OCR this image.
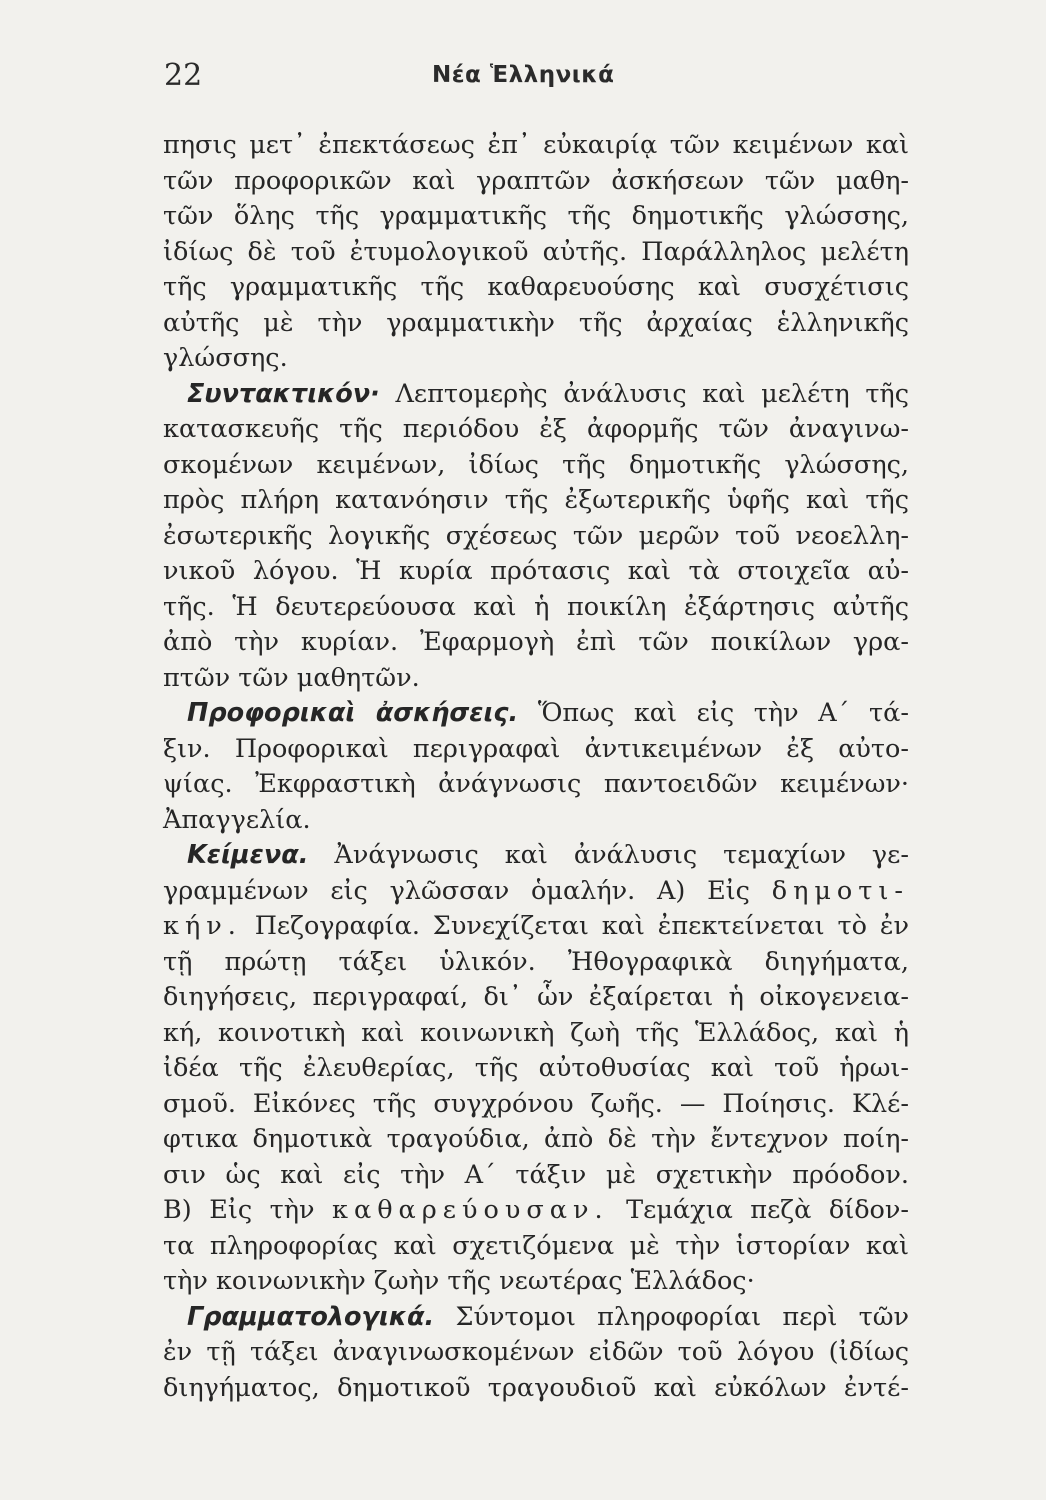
22	Νέα Ἑλληνικά
πησις μετ᾽ ἐπεκτάσεως ἐπ᾽ εὐκαιρίᾳ τῶν κειμένων καὶ
τῶν προφορικῶν καὶ γραπτῶν ἀσκήσεων τῶν μαθη-
τῶν ὅλης τῆς γραμματικῆς τῆς δημοτικῆς γλώσσης,
ἰδίως δὲ τοῦ ἐτυμολογικοῦ αὐτῆς. Παράλληλος μελέτη
τῆς γραμματικῆς τῆς καθαρευούσης καὶ συσχέτισις
αὐτῆς μὲ τὴν γραμματικὴν τῆς ἀρχαίας ἑλληνικῆς
γλώσσης.
Συντακτικόν· Λεπτομερὴς ἀνάλυσις καὶ μελέτη τῆς
κατασκευῆς τῆς περιόδου ἐξ ἀφορμῆς τῶν ἀναγινω-
σκομένων κειμένων, ἰδίως τῆς δημοτικῆς γλώσσης,
πρὸς πλήρη κατανόησιν τῆς ἐξωτερικῆς ὑφῆς καὶ τῆς
ἐσωτερικῆς λογικῆς σχέσεως τῶν μερῶν τοῦ νεοελλη-
νικοῦ λόγου. Ἡ κυρία πρότασις καὶ τὰ στοιχεῖα αὐ-
τῆς. Ἡ δευτερεύουσα καὶ ἡ ποικίλη ἐξάρτησις αὐτῆς
ἀπὸ τὴν κυρίαν. Ἐφαρμογὴ ἐπὶ τῶν ποικίλων γρα-
πτῶν τῶν μαθητῶν.
Προφορικαὶ ἀσκήσεις. Ὅπως καὶ εἰς τὴν Α΄ τά-
ξιν. Προφορικαὶ περιγραφαὶ ἀντικειμένων ἐξ αὐτο-
ψίας. Ἐκφραστικὴ ἀνάγνωσις παντοειδῶν κειμένων·
Ἀπαγγελία.
Κείμενα. Ἀνάγνωσις καὶ ἀνάλυσις τεμαχίων γε-
γραμμένων εἰς γλῶσσαν ὁμαλήν. Α) Εἰς δημοτι-
κήν. Πεζογραφία. Συνεχίζεται καὶ ἐπεκτείνεται τὸ ἐν
τῇ πρώτῃ τάξει ὑλικόν. Ἠθογραφικὰ διηγήματα,
διηγήσεις, περιγραφαί, δι᾽ ὧν ἐξαίρεται ἡ οἰκογενεια-
κή, κοινοτικὴ καὶ κοινωνικὴ ζωὴ τῆς Ἑλλάδος, καὶ ἡ
ἰδέα τῆς ἐλευθερίας, τῆς αὐτοθυσίας καὶ τοῦ ἡρωι-
σμοῦ. Εἰκόνες τῆς συγχρόνου ζωῆς. — Ποίησις. Κλέ-
φτικα δημοτικὰ τραγούδια, ἀπὸ δὲ τὴν ἔντεχνον ποίη-
σιν ὡς καὶ εἰς τὴν Α΄ τάξιν μὲ σχετικὴν πρόοδον.
Β) Εἰς τὴν καθαρεύουσαν. Τεμάχια πεζὰ δίδον-
τα πληροφορίας καὶ σχετιζόμενα μὲ τὴν ἱστορίαν καὶ
τὴν κοινωνικὴν ζωὴν τῆς νεωτέρας Ἑλλάδος·
Γραμματολογικά. Σύντομοι πληροφορίαι περὶ τῶν
ἐν τῇ τάξει ἀναγινωσκομένων εἰδῶν τοῦ λόγου (ἰδίως
διηγήματος, δημοτικοῦ τραγουδιοῦ καὶ εὐκόλων ἐντέ-
